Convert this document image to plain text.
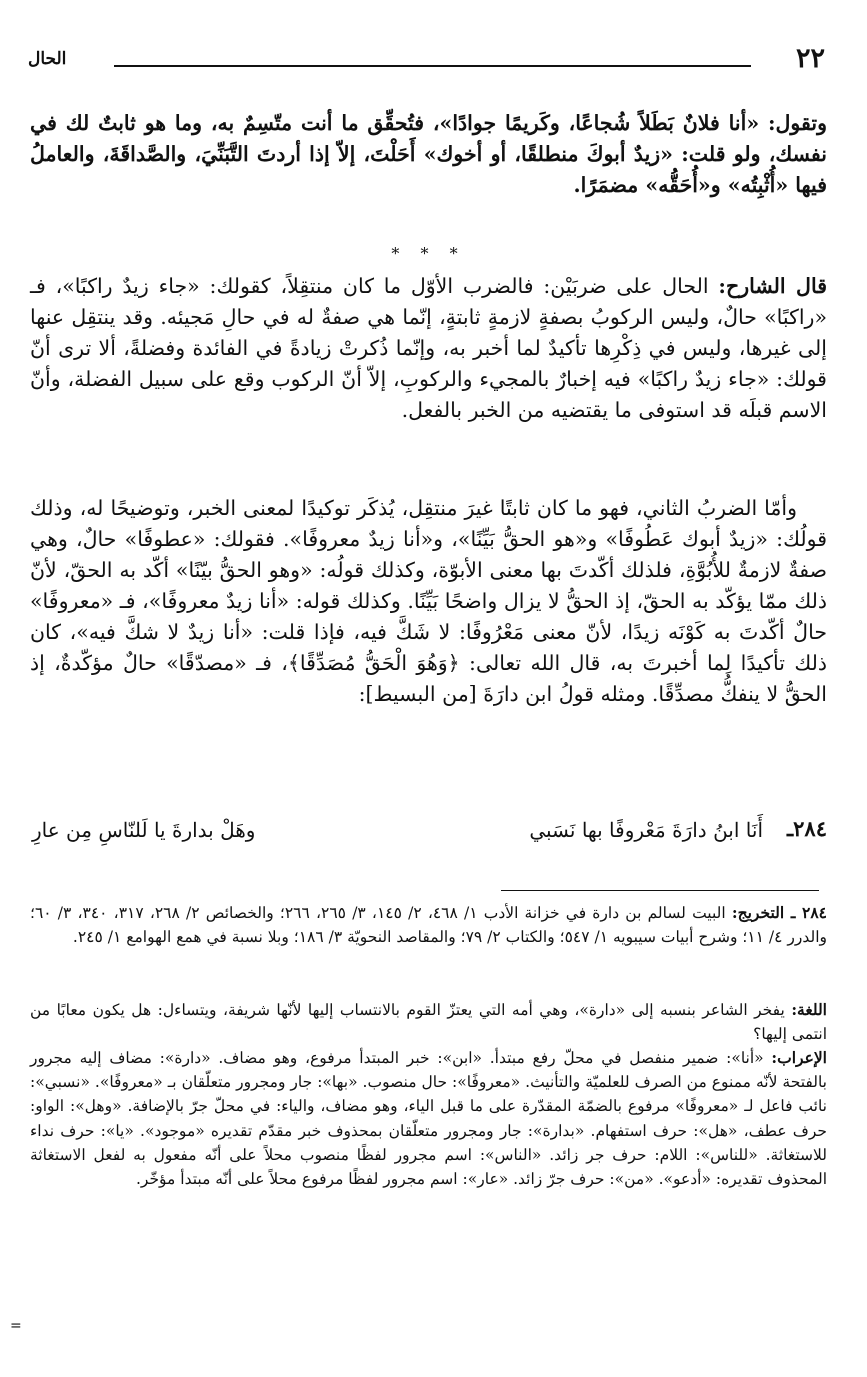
٢٢
الحال

وتقول: «أنا فلانٌ بَطَلاً شُجاعًا، وكَريمًا جوادًا»، فتُحقِّق ما أنت متّسِمٌ به، وما هو ثابتٌ لك في نفسك، ولو قلت: «زيدٌ أبوكَ منطلقًا، أو أخوك» أَحَلْتَ، إلاّ إذا أردتَ التَّبَنِّيَ، والصَّداقَةَ، والعاملُ فيها «أُثْبِتُه» و«أُحَقُّه» مضمَرًا.

* * *

قال الشارح: الحال على ضربَيْن: فالضرب الأوّل ما كان منتقِلاً، كقولك: «جاء زيدٌ راكبًا»، فـ «راكبًا» حالٌ، وليس الركوبُ بصفةٍ لازمةٍ ثابتةٍ، إنّما هي صفةٌ له في حالِ مَجيئه. وقد ينتقِل عنها إلى غيرها، وليس في ذِكْرِها تأكيدٌ لما أخبر به، وإنّما ذُكرتْ زيادةً في الفائدة وفضلةً، ألا ترى أنّ قولك: «جاء زيدٌ راكبًا» فيه إخبارٌ بالمجيء والركوبِ، إلاّ أنّ الركوب وقع على سبيل الفضلة، وأنّ الاسم قبلَه قد استوفى ما يقتضيه من الخبر بالفعل.

وأمّا الضربُ الثاني، فهو ما كان ثابتًا غيرَ منتقِل، يُذكَر توكيدًا لمعنى الخبر، وتوضيحًا له، وذلك قولُك: «زيدٌ أبوك عَطُوفًا» و«هو الحقُّ بَيِّنًا»، و«أنا زيدٌ معروفًا». فقولك: «عطوفًا» حالٌ، وهي صفةٌ لازمةٌ للأُبُوَّةِ، فلذلك أكّدتَ بها معنى الأبوّة، وكذلك قولُه: «وهو الحقُّ بيّنًا» أكّد به الحقّ، لأنّ ذلك ممّا يؤكّد به الحقّ، إذ الحقُّ لا يزال واضحًا بَيِّنًا. وكذلك قوله: «أنا زيدٌ معروفًا»، فـ «معروفًا» حالٌ أكّدتَ به كَوْنَه زيدًا، لأنّ معنى مَعْرُوفًا: لا شَكَّ فيه، فإذا قلت: «أنا زيدٌ لا شكَّ فيه»، كان ذلك تأكيدًا لِما أخبرتَ به، قال الله تعالى: ﴿وَهُوَ الْحَقُّ مُصَدِّقًا﴾، فـ «مصدّقًا» حالٌ مؤكّدةٌ، إذ الحقُّ لا ينفكُّ مصدِّقًا. ومثله قولُ ابن دارَةَ [من البسيط]:

٢٨٤ـ
أَنَا ابنُ دارَةَ مَعْروفًا بها نَسَبي
وهَلْ بدارةَ يا لَلنّاسِ مِن عارِ

٢٨٤ ـ التخريج: البيت لسالم بن دارة في خزانة الأدب ١/ ٤٦٨، ٢/ ١٤٥، ٣/ ٢٦٥، ٢٦٦؛ والخصائص ٢/ ٢٦٨، ٣١٧، ٣٤٠، ٣/ ٦٠؛ والدرر ٤/ ١١؛ وشرح أبيات سيبويه ١/ ٥٤٧؛ والكتاب ٢/ ٧٩؛ والمقاصد النحويّة ٣/ ١٨٦؛ وبلا نسبة في همع الهوامع ١/ ٢٤٥.

اللغة: يفخر الشاعر بنسبه إلى «دارة»، وهي أمه التي يعتزّ القوم بالانتساب إليها لأنّها شريفة، ويتساءل: هل يكون معابًا من انتمى إليها؟

الإعراب: «أنا»: ضمير منفصل في محلّ رفع مبتدأ. «ابن»: خبر المبتدأ مرفوع، وهو مضاف. «دارة»: مضاف إليه مجرور بالفتحة لأنّه ممنوع من الصرف للعلميّة والتأنيث. «معروفًا»: حال منصوب. «بها»: جار ومجرور متعلّقان بـ «معروفًا». «نسبي»: نائب فاعل لـ «معروفًا» مرفوع بالضمّة المقدّرة على ما قبل الياء، وهو مضاف، والياء: في محلّ جرّ بالإضافة. «وهل»: الواو: حرف عطف، «هل»: حرف استفهام. «بدارة»: جار ومجرور متعلّقان بمحذوف خبر مقدّم تقديره «موجود». «يا»: حرف نداء للاستغاثة. «للناس»: اللام: حرف جر زائد. «الناس»: اسم مجرور لفظًا منصوب محلاً على أنّه مفعول به لفعل الاستغاثة المحذوف تقديره: «أدعو». «من»: حرف جرّ زائد. «عار»: اسم مجرور لفظًا مرفوع محلاً على أنّه مبتدأ مؤخّر.

=
